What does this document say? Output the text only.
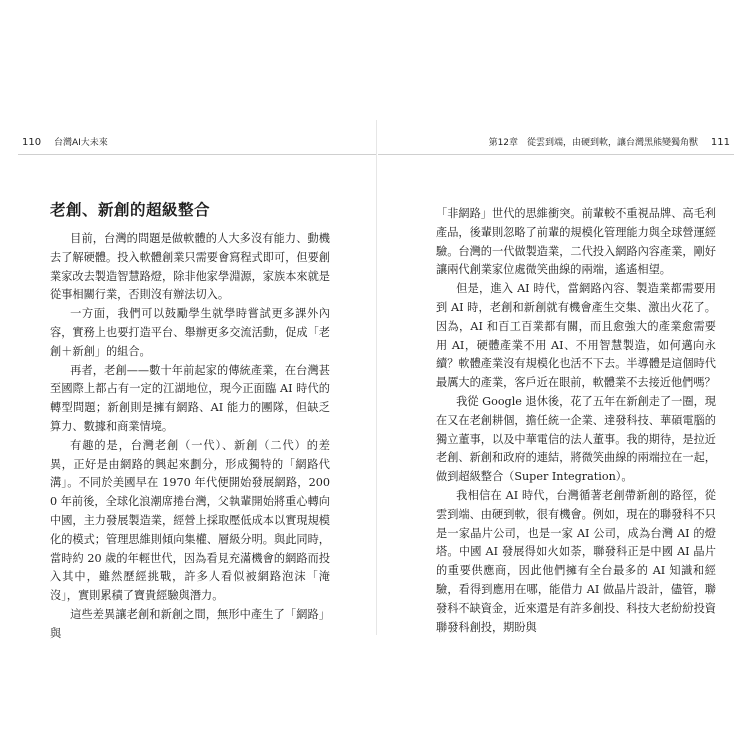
110 台灣AI大未來	第12章　從雲到端，由硬到軟，讓台灣黑熊變獨角獸 111
老創、新創的超級整合

目前，台灣的問題是做軟體的人大多沒有能力、動機去了解硬體。投入軟體創業只需要會寫程式即可，但要創業家改去製造智慧路燈，除非他家學淵源，家族本來就是從事相關行業，否則沒有辦法切入。

一方面，我們可以鼓勵學生就學時嘗試更多課外內容，實務上也要打造平台、舉辦更多交流活動，促成「老創＋新創」的組合。

再者，老創——數十年前起家的傳統產業，在台灣甚至國際上都占有一定的江湖地位，現今正面臨 AI 時代的轉型問題；新創則是擁有網路、AI 能力的團隊，但缺乏算力、數據和商業情境。

有趣的是，台灣老創（一代）、新創（二代）的差異，正好是由網路的興起來劃分，形成獨特的「網路代溝」。不同於美國早在 1970 年代便開始發展網路，2000 年前後，全球化浪潮席捲台灣，父執輩開始將重心轉向中國，主力發展製造業，經營上採取壓低成本以實現規模化的模式；管理思維則傾向集權、層級分明。與此同時，當時約 20 歲的年輕世代，因為看見充滿機會的網路而投入其中，雖然歷經挑戰，許多人看似被網路泡沫「淹沒」，實則累積了寶貴經驗與潛力。

這些差異讓老創和新創之間，無形中產生了「網路」與

「非網路」世代的思維衝突。前輩較不重視品牌、高毛利產品，後輩則忽略了前輩的規模化管理能力與全球營運經驗。台灣的一代做製造業，二代投入網路內容產業，剛好讓兩代創業家位處微笑曲線的兩端，遙遙相望。

但是，進入 AI 時代，當網路內容、製造業都需要用到 AI 時，老創和新創就有機會產生交集、激出火花了。因為，AI 和百工百業都有關，而且愈強大的產業愈需要用 AI，硬體產業不用 AI、不用智慧製造，如何邁向永續？軟體產業沒有規模化也活不下去。半導體是這個時代最厲大的產業，客戶近在眼前，軟體業不去接近他們嗎？

我從 Google 退休後，花了五年在新創走了一圈，現在又在老創耕個，擔任統一企業、達發科技、華碩電腦的獨立董事，以及中華電信的法人董事。我的期待，是拉近老創、新創和政府的連結，將微笑曲線的兩端拉在一起，做到超級整合（Super Integration）。

我相信在 AI 時代，台灣循著老創帶新創的路徑，從雲到端、由硬到軟，很有機會。例如，現在的聯發科不只是一家晶片公司，也是一家 AI 公司，成為台灣 AI 的燈塔。中國 AI 發展得如火如荼，聯發科正是中國 AI 晶片的重要供應商，因此他們擁有全台最多的 AI 知識和經驗，看得到應用在哪，能借力 AI 做晶片設計，儘管，聯發科不缺資金，近來還是有許多創投、科技大老紛紛投資聯發科創投，期盼與
